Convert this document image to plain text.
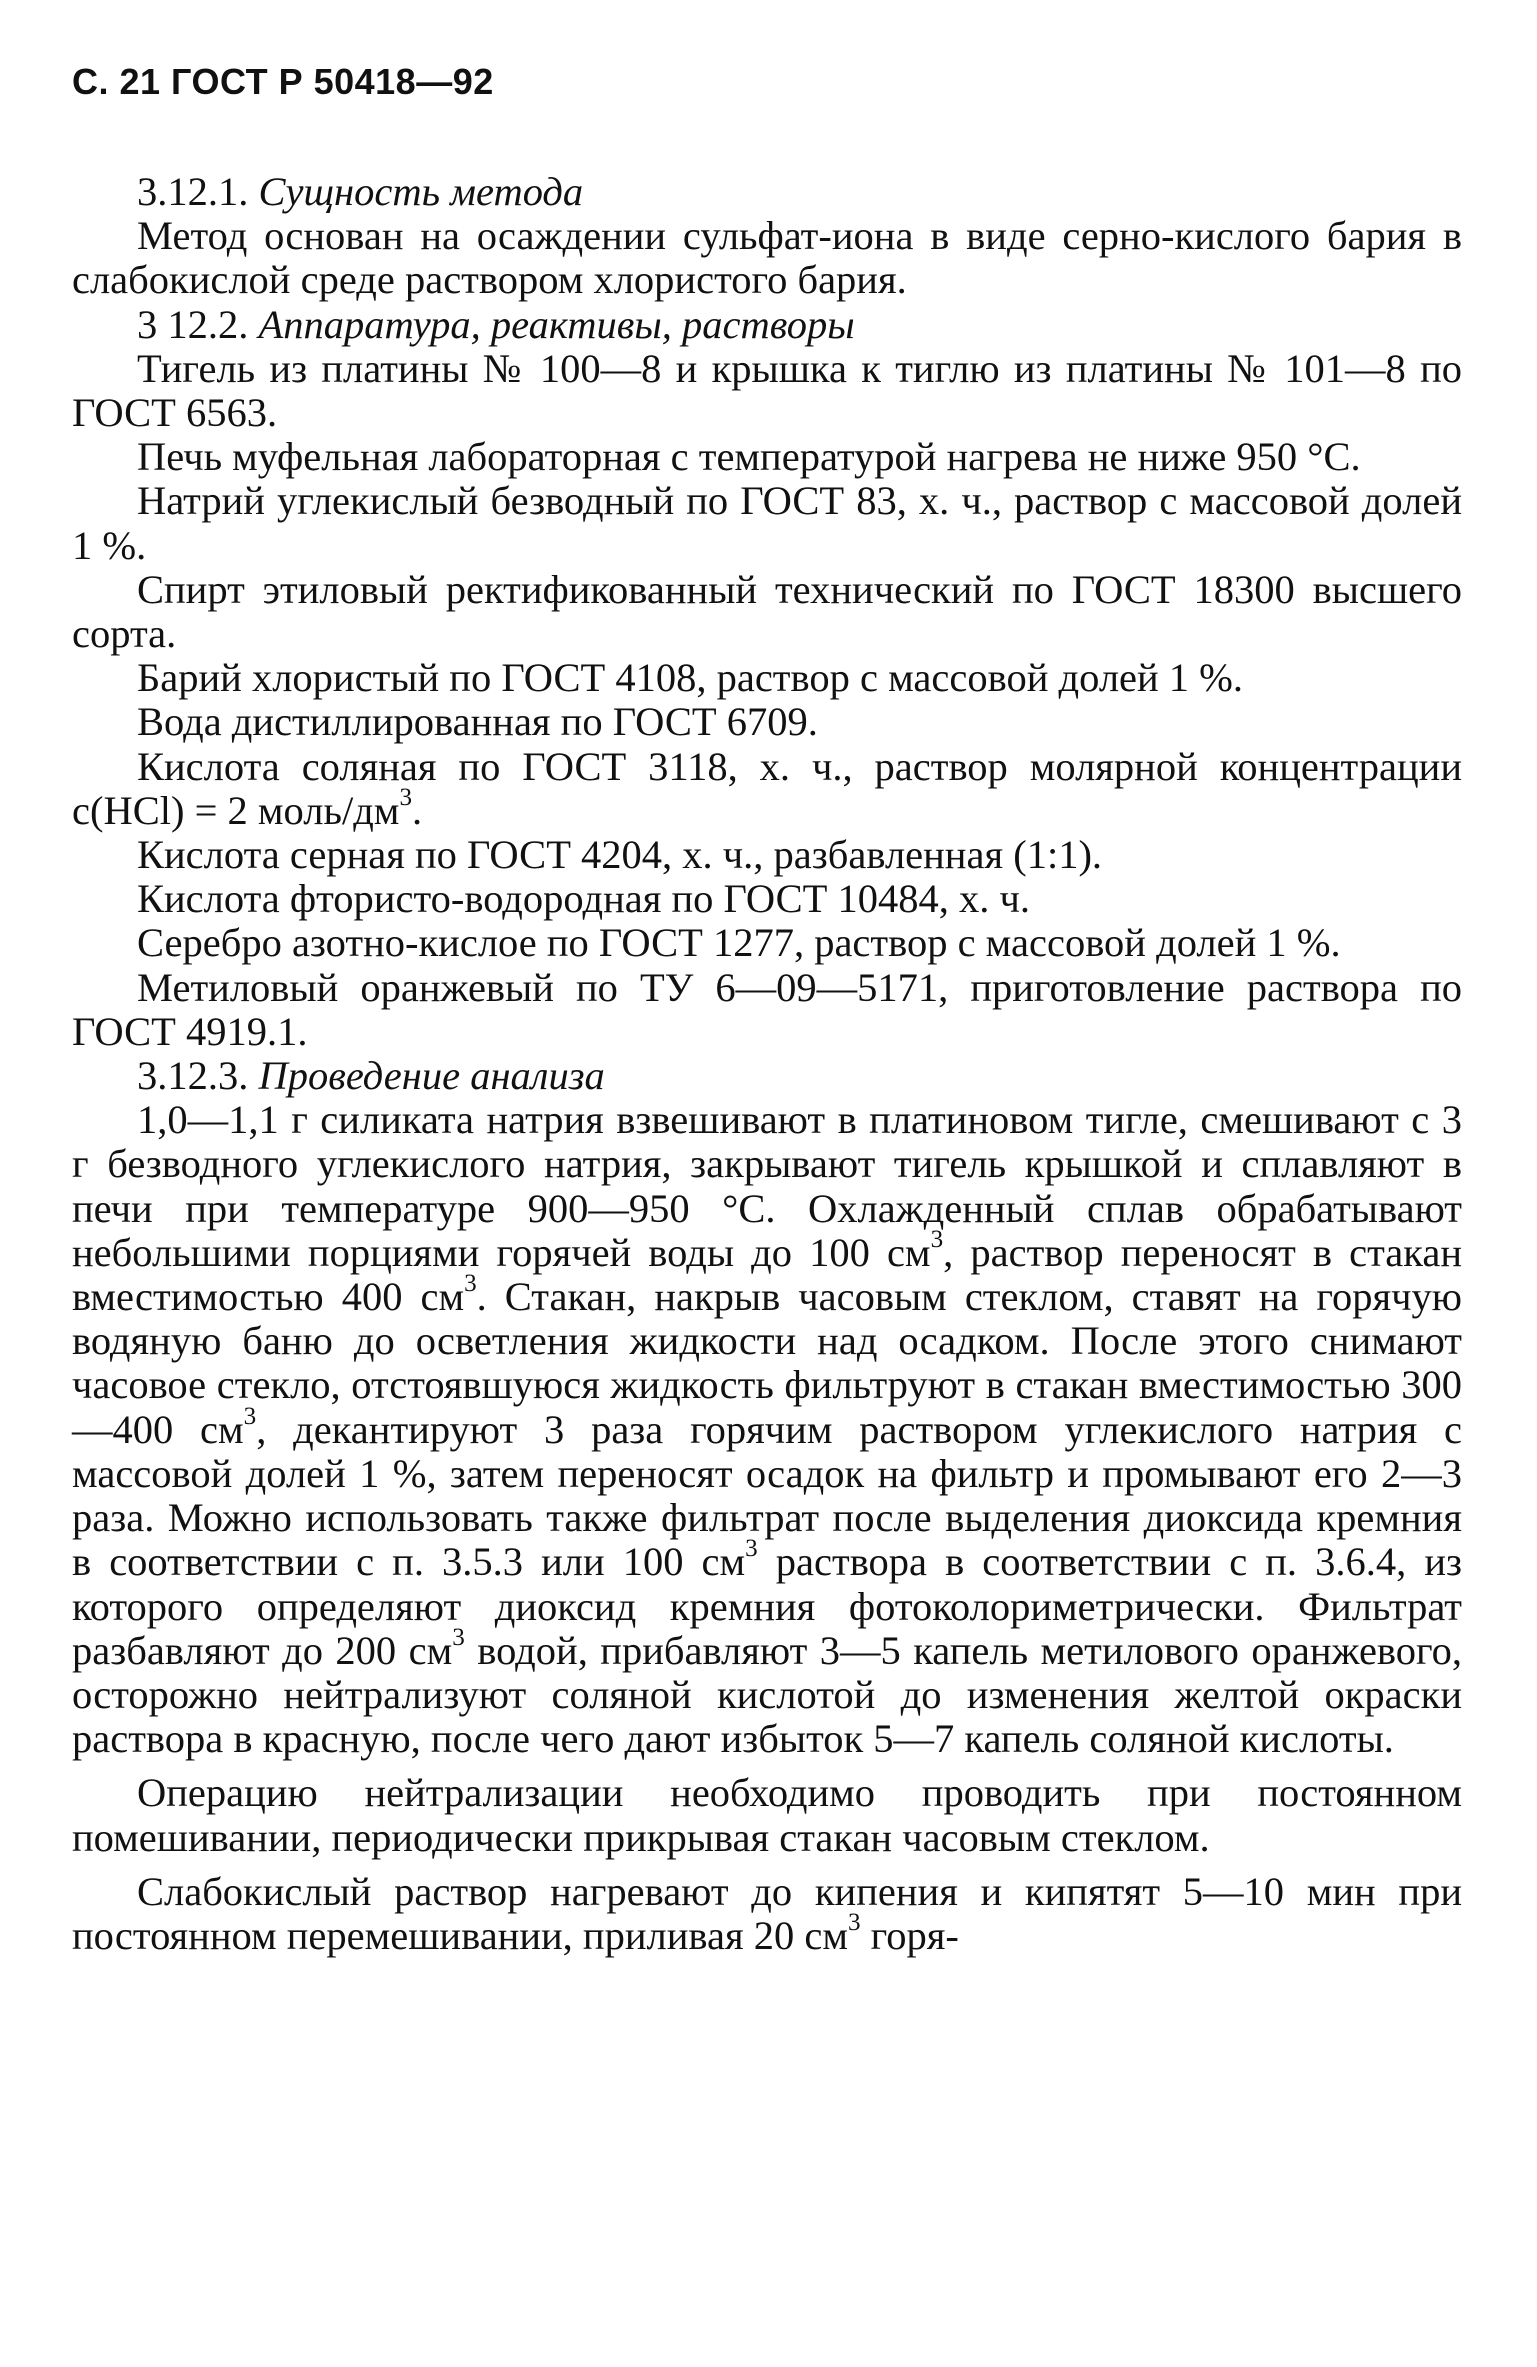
С. 21 ГОСТ Р 50418—92

3.12.1. Сущность метода

Метод основан на осаждении сульфат-иона в виде серно-кислого бария в слабокислой среде раствором хлористого бария.

3 12.2. Аппаратура, реактивы, растворы

Тигель из платины № 100—8 и крышка к тиглю из платины № 101—8 по ГОСТ 6563.

Печь муфельная лабораторная с температурой нагрева не ниже 950 °С.

Натрий углекислый безводный по ГОСТ 83, х. ч., раствор с массовой долей 1 %.

Спирт этиловый ректификованный технический по ГОСТ 18300 высшего сорта.

Барий хлористый по ГОСТ 4108, раствор с массовой долей 1 %.

Вода дистиллированная по ГОСТ 6709.

Кислота соляная по ГОСТ 3118, х. ч., раствор молярной концентрации с(НСl) = 2 моль/$дм^3$.

Кислота серная по ГОСТ 4204, х. ч., разбавленная (1:1).

Кислота фтористо-водородная по ГОСТ 10484, х. ч.

Серебро азотно-кислое по ГОСТ 1277, раствор с массовой долей 1 %.

Метиловый оранжевый по ТУ 6—09—5171, приготовление раствора по ГОСТ 4919.1.

3.12.3. Проведение анализа

1,0—1,1 г силиката натрия взвешивают в платиновом тигле, смешивают с 3 г безводного углекислого натрия, закрывают тигель крышкой и сплавляют в печи при температуре 900—950 °С. Охлажденный сплав обрабатывают небольшими порциями горячей воды до 100 $см^3$, раствор переносят в стакан вместимостью 400 $см^3$. Стакан, накрыв часовым стеклом, ставят на горячую водяную баню до осветления жидкости над осадком. После этого снимают часовое стекло, отстоявшуюся жидкость фильтруют в стакан вместимостью 300—400 $см^3$, декантируют 3 раза горячим раствором углекислого натрия с массовой долей 1 %, затем переносят осадок на фильтр и промывают его 2—3 раза. Можно использовать также фильтрат после выделения диоксида кремния в соответствии с п. 3.5.3 или 100 $см^3$ раствора в соответствии с п. 3.6.4, из которого определяют диоксид кремния фотоколориметрически. Фильтрат разбавляют до 200 $см^3$ водой, прибавляют 3—5 капель метилового оранжевого, осторожно нейтрализуют соляной кислотой до изменения желтой окраски раствора в красную, после чего дают избыток 5—7 капель соляной кислоты.

Операцию нейтрализации необходимо проводить при постоянном помешивании, периодически прикрывая стакан часовым стеклом.

Слабокислый раствор нагревают до кипения и кипятят 5—10 мин при постоянном перемешивании, приливая 20 $см^3$ горя-
